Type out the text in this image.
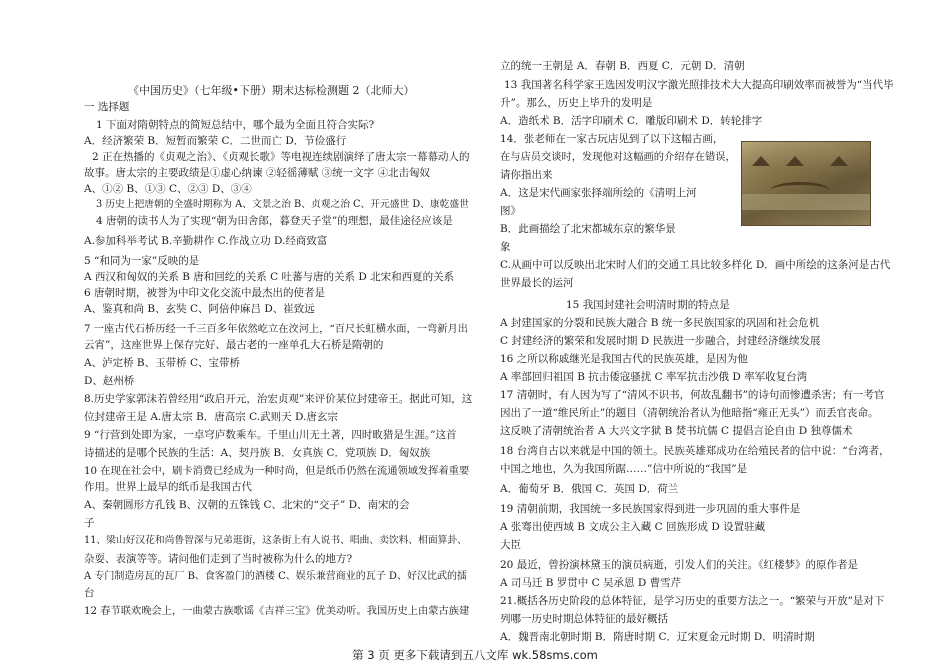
《中国历史》（七年级•下册）期末达标检测题 2（北师大）
一 选择题
1 下面对隋朝特点的简短总结中，哪个最为全面且符合实际?
A．经济繁荣 B．短暂而繁荣 C．二世而亡 D．节俭盛行
2 正在热播的《贞观之治》、《贞观长歌》等电视连续剧演绎了唐太宗一幕幕动人的
故事。唐太宗的主要政绩是①虚心纳谏 ②轻徭薄赋 ③统一文字 ④北击匈奴
A、①② B、①③ C、②③ D、③④
3 历史上把唐朝的全盛时期称为 A、文景之治 B、贞观之治 C、开元盛世 D、康乾盛世
4 唐朝的读书人为了实现“朝为田舍郎，暮登天子堂”的理想，最佳途径应该是
A.参加科举考试 B.辛勤耕作 C.作战立功 D.经商致富
5 “和同为一家”反映的是
A 西汉和匈奴的关系 B 唐和回纥的关系 C 吐蕃与唐的关系 D 北宋和西夏的关系
6 唐朝时期，被誉为中印文化交流中最杰出的使者是
A、鉴真和尚 B、玄奘 C、阿倍仲麻吕 D、崔致远
7 一座古代石桥历经一千三百多年依然屹立在洨河上，“百尺长虹横水面，一弯新月出
云宵”，这座世界上保存完好、最古老的一座单孔大石桥是隋朝的
A、泸定桥 B、玉带桥 C、宝带桥
D、赵州桥
8.历史学家郭沫若曾经用“政启开元，治宏贞观”来评价某位封建帝王。据此可知，这
位封建帝王是 A.唐太宗 B．唐高宗 C.武则天 D.唐玄宗
9 “行营到处即为家，一卓穹庐数乘车。千里山川无土著，四时畋猎是生涯。”这首
诗描述的是哪个民族的生活：A、契丹族 B．女真族 C．党项族 D．匈奴族
10 在现在社会中，刷卡消费已经成为一种时尚，但是纸币仍然在流通领域发挥着重要
作用。世界上最早的纸币是我国古代
A、秦朝圆形方孔钱 B、汉朝的五铢钱 C、北宋的“交子” D、南宋的会
子
11、梁山好汉花和尚鲁智深与兄弟逛街，这条街上有人说书、唱曲、卖饮料、相面算卦、
杂耍、表演等等。请问他们走到了当时被称为什么的地方?
A 专门制造房瓦的瓦厂 B、食客盈门的酒楼 C、娱乐兼营商业的瓦子 D、好汉比武的擂
台
12 春节联欢晚会上，一曲蒙古族歌谣《吉祥三宝》优美动听。我国历史上由蒙古族建
立的统一王朝是 A．春朝 B．西夏 C．元朝 D．清朝
13 我国著名科学家王选因发明汉字激光照排技术大大提高印刷效率而被誉为“当代毕
升”。那么，历史上毕升的发明是
A．造纸术 B．活字印刷术 C．雕版印刷术 D．转轮排字
14．张老师在一家古玩店见到了以下这幅古画，
在与店员交谈时，发现他对这幅画的介绍存在错误，
请你指出来
A．这是宋代画家张择端所绘的《清明上河
图》
B．此画描绘了北宋都城东京的繁华景
象
C.从画中可以反映出北宋时人们的交通工具比较多样化 D．画中所绘的这条河是古代
世界最长的运河
15 我国封建社会明清时期的特点是
A 封建国家的分裂和民族大融合 B 统一多民族国家的巩固和社会危机
C 封建经济的繁荣和发展时期 D 民族进一步融合，封建经济继续发展
16 之所以称戚继光是我国古代的民族英雄，是因为他
A 率部回归祖国 B 抗击倭寇骚扰 C 率军抗击沙俄 D 率军收复台湾
17 清朝时，有人因为写了“清风不识书，何故乱翻书”的诗句而惨遭杀害；有一考官
因出了一道“维民所止”的题目（清朝统治者认为他暗指“雍正无头”）而丢官丧命。
这反映了清朝统治者 A 大兴文字狱 B 焚书坑儒 C 提倡言论自由 D 独尊儒术
18 台湾自古以来就是中国的领土。民族英雄郑成功在给殖民者的信中说：“台湾者，
中国之地也，久为我国所踞……”信中所说的“我国”是
A．葡萄牙 B．俄国 C．英国 D．荷兰
19 清朝前期，我国统一多民族国家得到进一步巩固的重大事件是
A 张骞出使西域 B 文成公主入藏 C 回族形成 D 设置驻藏
大臣
20 最近，曾扮演林黛玉的演员病逝，引发人们的关注。《红楼梦》的原作者是
A 司马迁 B 罗贯中 C 吴承恩 D 曹雪芹
21.概括各历史阶段的总体特征，是学习历史的重要方法之一。“繁荣与开放”是对下
列哪一历史时期总体特征的最好概括
A．魏晋南北朝时期 B．隋唐时期 C．辽宋夏金元时期 D．明清时期
第 3 页 更多下载请到五八文库 wk.58sms.com
